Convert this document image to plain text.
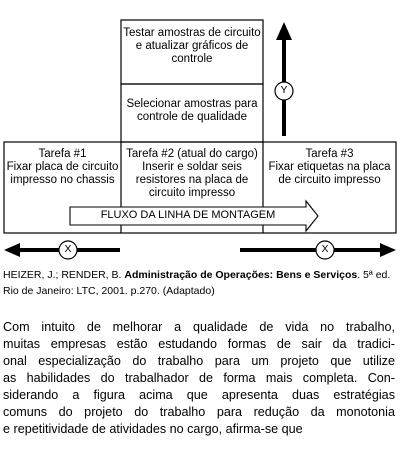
Y
X	X
Testar amostras de circuito e atualizar gráficos de controle
Selecionar amostras para controle de qualidade
Tarefa #1
Fixar placa de circuito impresso no chassis
Tarefa #2 (atual do cargo)
Inserir e soldar seis resistores na placa de circuito impresso
Tarefa #3
Fixar etiquetas na placa de circuito impresso
FLUXO DA LINHA DE MONTAGEM
HEIZER, J.; RENDER, B. Administração de Operações: Bens e Serviços. 5ª ed. Rio de Janeiro: LTC, 2001. p.270. (Adaptado)
Com intuito de melhorar a qualidade de vida no trabalho,
muitas empresas estão estudando formas de sair da tradici-
onal especialização do trabalho para um projeto que utilize
as habilidades do trabalhador de forma mais completa. Con-
siderando a figura acima que apresenta duas estratégias
comuns do projeto do trabalho para redução da monotonia
e repetitividade de atividades no cargo, afirma-se que
